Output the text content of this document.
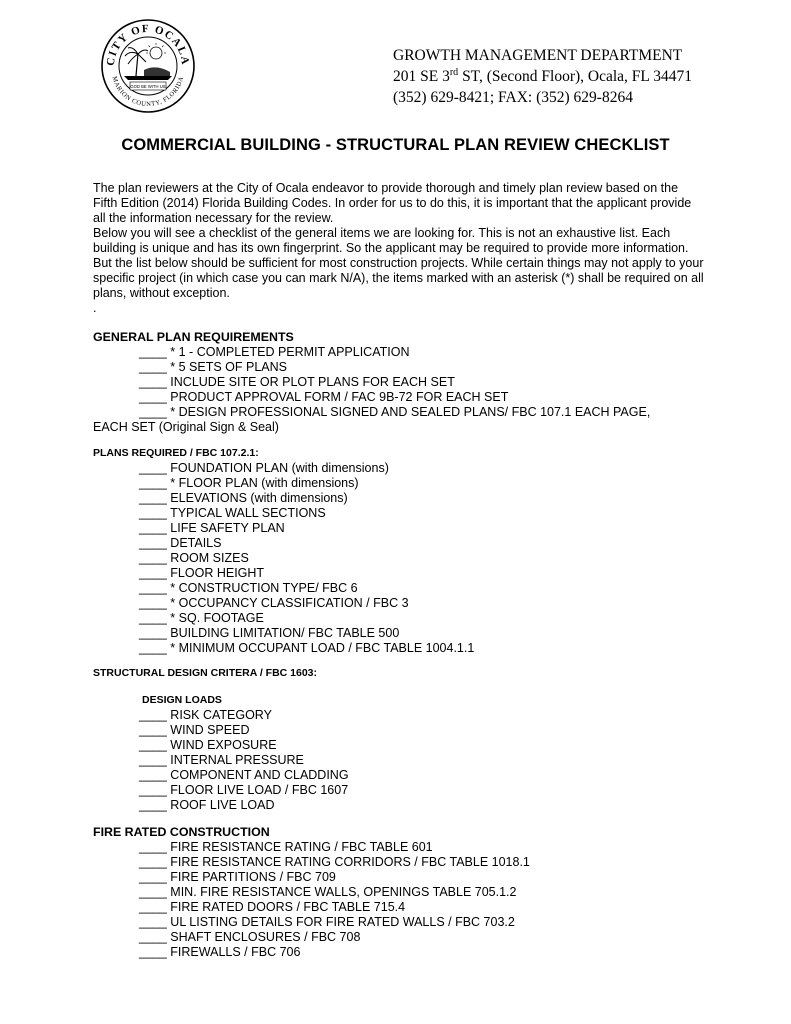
CITY OF OCALA
MARION COUNTY, FLORIDA
GOD BE WITH US
GROWTH MANAGEMENT DEPARTMENT
201 SE 3rd ST, (Second Floor), Ocala, FL 34471
(352) 629-8421; FAX: (352) 629-8264
COMMERCIAL BUILDING - STRUCTURAL PLAN REVIEW CHECKLIST

The plan reviewers at the City of Ocala endeavor to provide thorough and timely plan review based on the Fifth Edition (2014) Florida Building Codes. In order for us to do this, it is important that the applicant provide all the information necessary for the review.

Below you will see a checklist of the general items we are looking for. This is not an exhaustive list. Each building is unique and has its own fingerprint. So the applicant may be required to provide more information. But the list below should be sufficient for most construction projects. While certain things may not apply to your specific project (in which case you can mark N/A), the items marked with an asterisk (*) shall be required on all plans, without exception.

.

GENERAL PLAN REQUIREMENTS
____ * 1 - COMPLETED PERMIT APPLICATION
____ * 5 SETS OF PLANS
____ INCLUDE SITE OR PLOT PLANS FOR EACH SET
____ PRODUCT APPROVAL FORM / FAC 9B-72 FOR EACH SET
____ * DESIGN PROFESSIONAL SIGNED AND SEALED PLANS/ FBC 107.1 EACH PAGE,
EACH SET (Original Sign & Seal)
PLANS REQUIRED / FBC 107.2.1:
____ FOUNDATION PLAN (with dimensions)
____ * FLOOR PLAN (with dimensions)
____ ELEVATIONS (with dimensions)
____ TYPICAL WALL SECTIONS
____ LIFE SAFETY PLAN
____ DETAILS
____ ROOM SIZES
____ FLOOR HEIGHT
____ * CONSTRUCTION TYPE/ FBC 6
____ * OCCUPANCY CLASSIFICATION / FBC 3
____ * SQ. FOOTAGE
____ BUILDING LIMITATION/ FBC TABLE 500
____ * MINIMUM OCCUPANT LOAD / FBC TABLE 1004.1.1
STRUCTURAL DESIGN CRITERA / FBC 1603:
DESIGN LOADS
____ RISK CATEGORY
____ WIND SPEED
____ WIND EXPOSURE
____ INTERNAL PRESSURE
____ COMPONENT AND CLADDING
____ FLOOR LIVE LOAD / FBC 1607
____ ROOF LIVE LOAD
FIRE RATED CONSTRUCTION
____ FIRE RESISTANCE RATING / FBC TABLE 601
____ FIRE RESISTANCE RATING CORRIDORS / FBC TABLE 1018.1
____ FIRE PARTITIONS / FBC 709
____ MIN. FIRE RESISTANCE WALLS, OPENINGS TABLE 705.1.2
____ FIRE RATED DOORS / FBC TABLE 715.4
____ UL LISTING DETAILS FOR FIRE RATED WALLS / FBC 703.2
____ SHAFT ENCLOSURES / FBC 708
____ FIREWALLS / FBC 706
